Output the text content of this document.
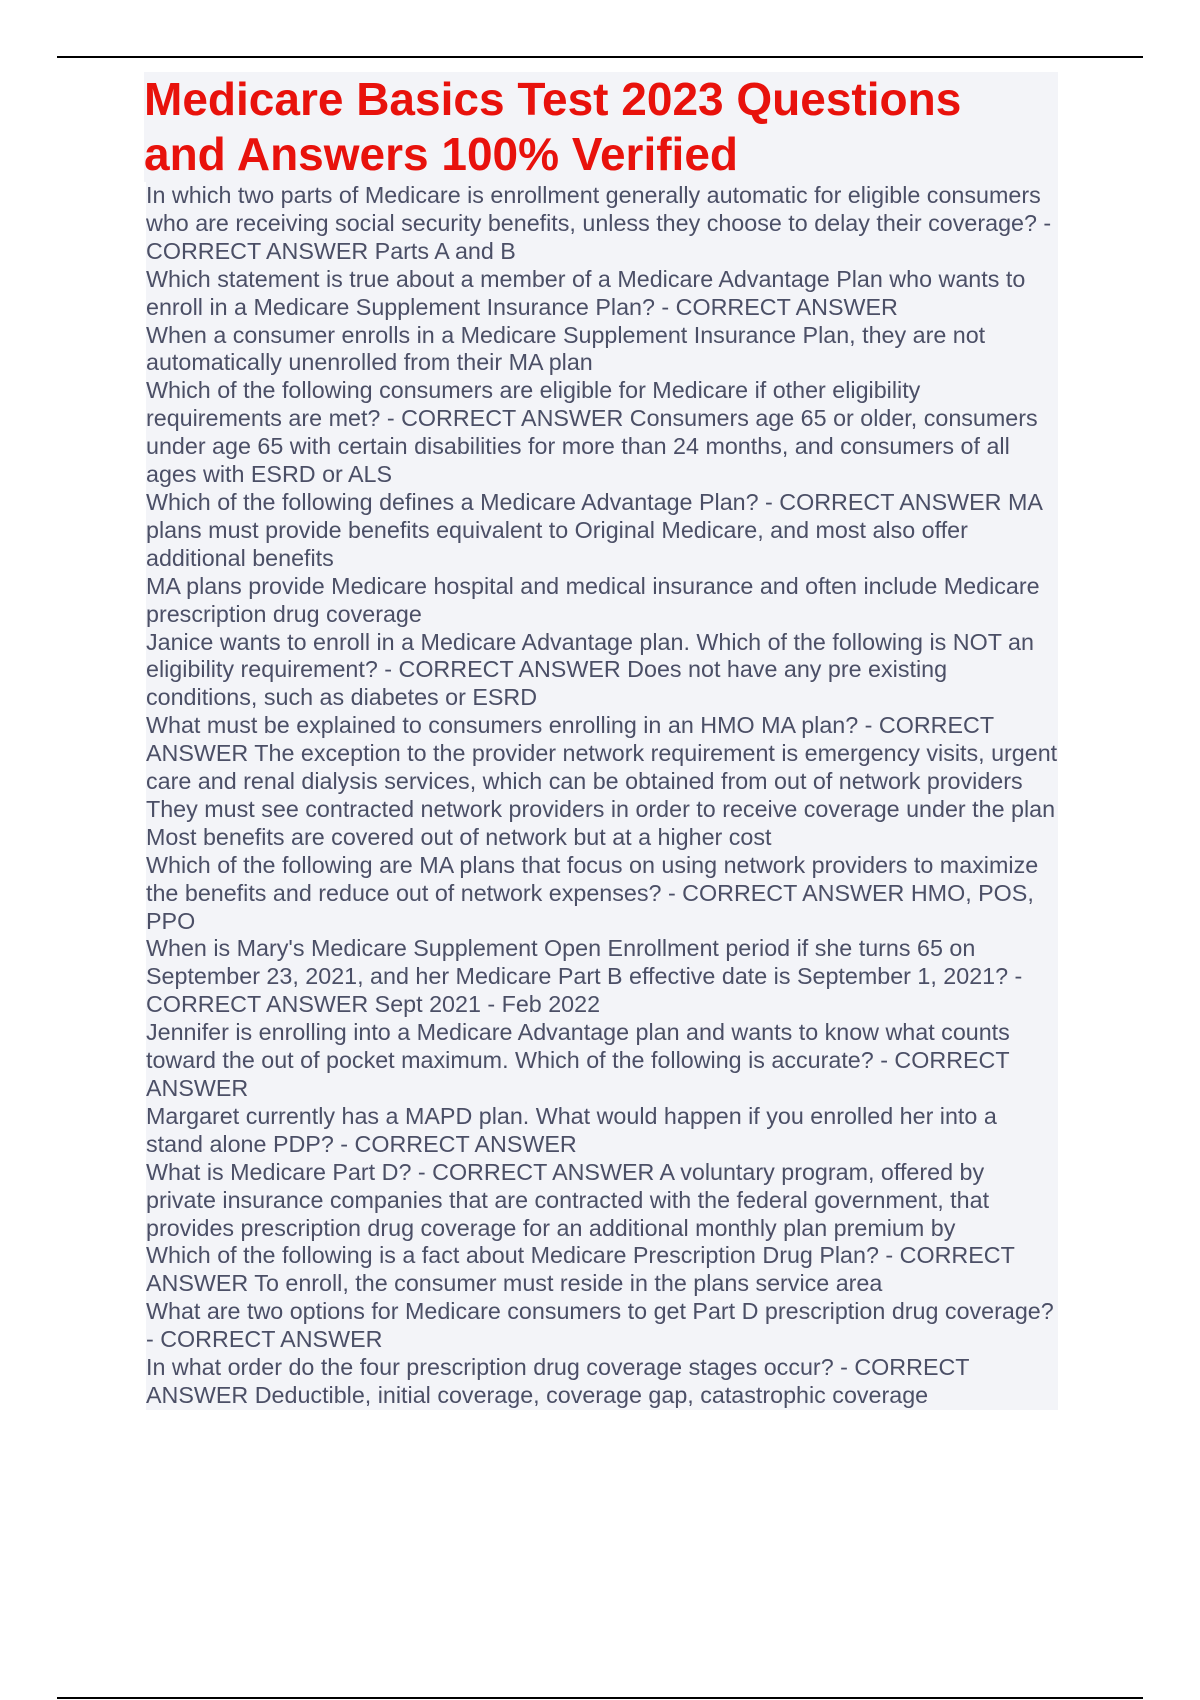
Medicare Basics Test 2023 Questions and Answers 100% Verified
In which two parts of Medicare is enrollment generally automatic for eligible consumers who are receiving social security benefits, unless they choose to delay their coverage? - CORRECT ANSWER Parts A and B
Which statement is true about a member of a Medicare Advantage Plan who wants to enroll in a Medicare Supplement Insurance Plan? - CORRECT ANSWER
When a consumer enrolls in a Medicare Supplement Insurance Plan, they are not automatically unenrolled from their MA plan
Which of the following consumers are eligible for Medicare if other eligibility requirements are met? - CORRECT ANSWER Consumers age 65 or older, consumers under age 65 with certain disabilities for more than 24 months, and consumers of all ages with ESRD or ALS
Which of the following defines a Medicare Advantage Plan? - CORRECT ANSWER MA plans must provide benefits equivalent to Original Medicare, and most also offer additional benefits
MA plans provide Medicare hospital and medical insurance and often include Medicare prescription drug coverage
Janice wants to enroll in a Medicare Advantage plan. Which of the following is NOT an eligibility requirement? - CORRECT ANSWER Does not have any pre existing conditions, such as diabetes or ESRD
What must be explained to consumers enrolling in an HMO MA plan? - CORRECT ANSWER The exception to the provider network requirement is emergency visits, urgent care and renal dialysis services, which can be obtained from out of network providers
They must see contracted network providers in order to receive coverage under the plan
Most benefits are covered out of network but at a higher cost
Which of the following are MA plans that focus on using network providers to maximize the benefits and reduce out of network expenses? - CORRECT ANSWER HMO, POS, PPO
When is Mary's Medicare Supplement Open Enrollment period if she turns 65 on September 23, 2021, and her Medicare Part B effective date is September 1, 2021? - CORRECT ANSWER Sept 2021 - Feb 2022
Jennifer is enrolling into a Medicare Advantage plan and wants to know what counts toward the out of pocket maximum. Which of the following is accurate? - CORRECT ANSWER
Margaret currently has a MAPD plan. What would happen if you enrolled her into a stand alone PDP? - CORRECT ANSWER
What is Medicare Part D? - CORRECT ANSWER A voluntary program, offered by private insurance companies that are contracted with the federal government, that provides prescription drug coverage for an additional monthly plan premium by
Which of the following is a fact about Medicare Prescription Drug Plan? - CORRECT ANSWER To enroll, the consumer must reside in the plans service area
What are two options for Medicare consumers to get Part D prescription drug coverage? - CORRECT ANSWER
In what order do the four prescription drug coverage stages occur? - CORRECT ANSWER Deductible, initial coverage, coverage gap, catastrophic coverage
